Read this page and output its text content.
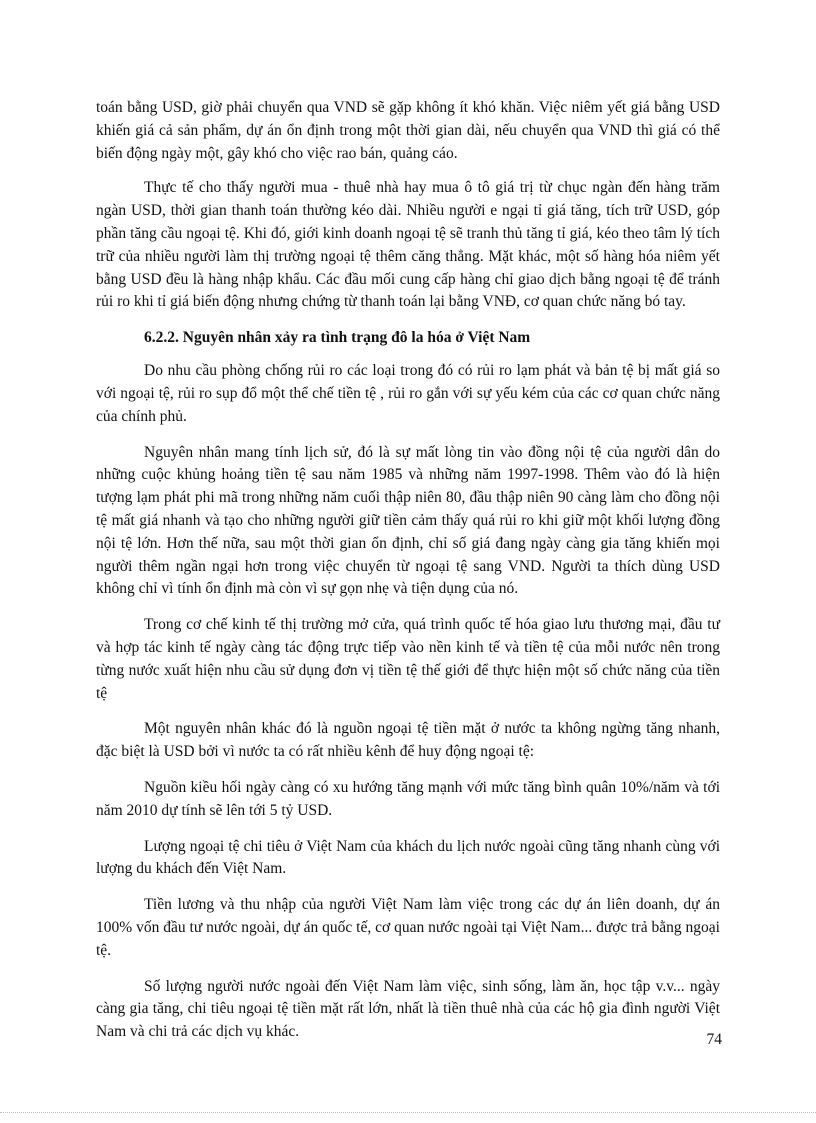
toán bằng USD, giờ phải chuyển qua VND sẽ gặp không ít khó khăn. Việc niêm yết giá bằng USD khiến giá cả sản phẩm, dự án ổn định trong một thời gian dài, nếu chuyển qua VND thì giá có thể biến động ngày một, gây khó cho việc rao bán, quảng cáo.

Thực tế cho thấy người mua - thuê nhà hay mua ô tô giá trị từ chục ngàn đến hàng trăm ngàn USD, thời gian thanh toán thường kéo dài. Nhiều người e ngại tỉ giá tăng, tích trữ USD, góp phần tăng cầu ngoại tệ. Khi đó, giới kinh doanh ngoại tệ sẽ tranh thủ tăng tỉ giá, kéo theo tâm lý tích trữ của nhiều người làm thị trường ngoại tệ thêm căng thẳng. Mặt khác, một số hàng hóa niêm yết bằng USD đều là hàng nhập khẩu. Các đầu mối cung cấp hàng chỉ giao dịch bằng ngoại tệ để tránh rủi ro khi tỉ giá biến động nhưng chứng từ thanh toán lại bằng VNĐ, cơ quan chức năng bó tay.

6.2.2. Nguyên nhân xảy ra tình trạng đô la hóa ở Việt Nam

Do nhu cầu phòng chống rủi ro các loại trong đó có rủi ro lạm phát và bản tệ bị mất giá so với ngoại tệ, rủi ro sụp đổ một thể chế tiền tệ , rủi ro gắn với sự yếu kém của các cơ quan chức năng của chính phủ.

Nguyên nhân mang tính lịch sử, đó là sự mất lòng tin vào đồng nội tệ của người dân do những cuộc khủng hoảng tiền tệ sau năm 1985 và những năm 1997-1998. Thêm vào đó là hiện tượng lạm phát phi mã trong những năm cuối thập niên 80, đầu thập niên 90 càng làm cho đồng nội tệ mất giá nhanh và tạo cho những người giữ tiền cảm thấy quá rủi ro khi giữ một khối lượng đồng nội tệ lớn. Hơn thế nữa, sau một thời gian ổn định, chỉ số giá đang ngày càng gia tăng khiến mọi người thêm ngần ngại hơn trong việc chuyển từ ngoại tệ sang VND. Người ta thích dùng USD không chỉ vì tính ổn định mà còn vì sự gọn nhẹ và tiện dụng của nó.

Trong cơ chế kinh tế thị trường mở cửa, quá trình quốc tế hóa giao lưu thương mại, đầu tư và hợp tác kinh tế ngày càng tác động trực tiếp vào nền kinh tế và tiền tệ của mỗi nước nên trong từng nước xuất hiện nhu cầu sử dụng đơn vị tiền tệ thế giới để thực hiện một số chức năng của tiền tệ

Một nguyên nhân khác đó là nguồn ngoại tệ tiền mặt ở nước ta không ngừng tăng nhanh, đặc biệt là USD bởi vì nước ta có rất nhiều kênh để huy động ngoại tệ:

Nguồn kiều hối ngày càng có xu hướng tăng mạnh với mức tăng bình quân 10%/năm và tới năm 2010 dự tính sẽ lên tới 5 tỷ USD.

Lượng ngoại tệ chi tiêu ở Việt Nam của khách du lịch nước ngoài cũng tăng nhanh cùng với lượng du khách đến Việt Nam.

Tiền lương và thu nhập của người Việt Nam làm việc trong các dự án liên doanh, dự án 100% vốn đầu tư nước ngoài, dự án quốc tế, cơ quan nước ngoài tại Việt Nam... được trả bằng ngoại tệ.

Số lượng người nước ngoài đến Việt Nam làm việc, sinh sống, làm ăn, học tập v.v... ngày càng gia tăng, chi tiêu ngoại tệ tiền mặt rất lớn, nhất là tiền thuê nhà của các hộ gia đình người Việt Nam và chi trả các dịch vụ khác.	74
